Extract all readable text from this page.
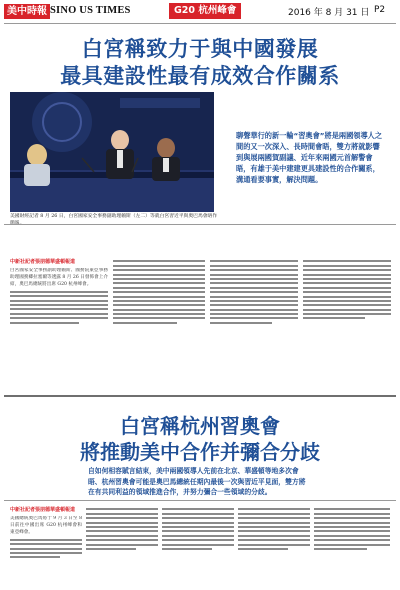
美中時報 SINO US TIMES	G20 杭州峰會	2016 年 8 月 31 日 P2
白宮稱致力于與中國發展
最具建設性最有成效合作關系
美國財經記者 8 月 26 日，白宮國家安全事務副助理賴斯（左二）等就白宮習近平與奧巴馬會晤作
聊聲華行的新一輪“習奧會”將是兩國領導人之間的又一次深入、長時間會晤，雙方將就影響到與展兩國賀副議、近年來兩國元首解警會晤，有雄于美中建建更具建設性的合作關系，溝通看要事實，解決問題。
中新社記者張朋德華盛頓報道
白宮國家安全事務副助理賴斯、國務院東亞事務助理國務卿拉塞爾等透露 8 月 26 日發佈會上介紹，奧巴馬總統將出席 G20 杭州峰會。
白宮稱杭州習奧會
將推動美中合作并彌合分歧
自如何相容賦言結束，美中兩國領導人先前在北京、華盛頓等地多次會晤、杭州習奧會可能是奧巴馬總統任期內最後一次與習近平見面，雙方將在有共同利益的領域推進合作，并努力彌合一些領域的分歧。
中新社記者張朋德華盛頓報道
美國總統奧巴馬將于 9 月 3 日至 8 日前往中國出席 G20 杭州峰會和東亞峰會。
